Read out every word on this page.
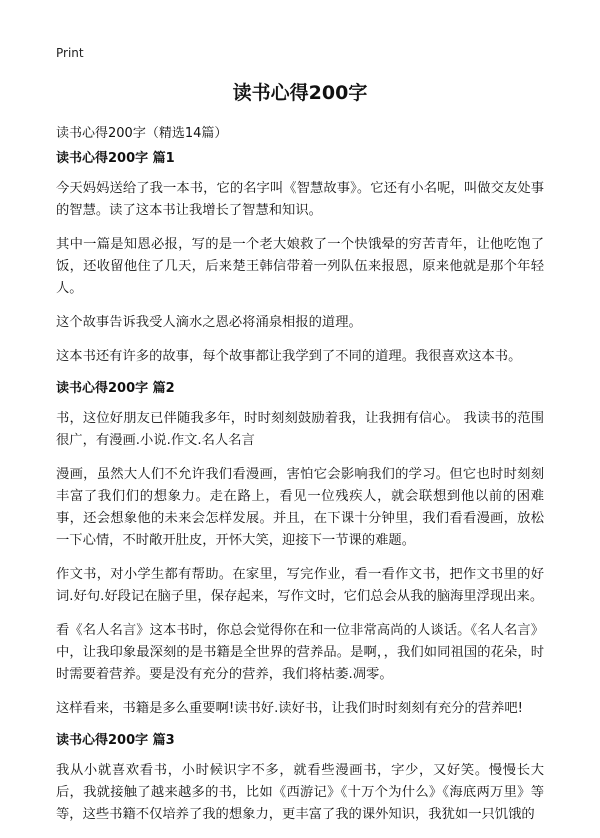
Print
读书心得200字
读书心得200字（精选14篇）
读书心得200字 篇1

今天妈妈送给了我一本书，它的名字叫《智慧故事》。它还有小名呢，叫做交友处事的智慧。读了这本书让我增长了智慧和知识。

其中一篇是知恩必报，写的是一个老大娘救了一个快饿晕的穷苦青年，让他吃饱了饭，还收留他住了几天，后来楚王韩信带着一列队伍来报恩，原来他就是那个年轻人。

这个故事告诉我受人滴水之恩必将涌泉相报的道理。

这本书还有许多的故事，每个故事都让我学到了不同的道理。我很喜欢这本书。

读书心得200字 篇2

书，这位好朋友已伴随我多年，时时刻刻鼓励着我，让我拥有信心。 我读书的范围很广，有漫画.小说.作文.名人名言

漫画，虽然大人们不允许我们看漫画，害怕它会影响我们的学习。但它也时时刻刻丰富了我们们的想象力。走在路上，看见一位残疾人，就会联想到他以前的困难事，还会想象他的未来会怎样发展。并且，在下课十分钟里，我们看看漫画，放松一下心情，不时敞开肚皮，开怀大笑，迎接下一节课的难题。

作文书，对小学生都有帮助。在家里，写完作业，看一看作文书，把作文书里的好词.好句.好段记在脑子里，保存起来，写作文时，它们总会从我的脑海里浮现出来。

看《名人名言》这本书时，你总会觉得你在和一位非常高尚的人谈话。《名人名言》中，让我印象最深刻的是书籍是全世界的营养品。是啊，，我们如同祖国的花朵，时时需要着营养。要是没有充分的营养，我们将枯萎.凋零。

这样看来，书籍是多么重要啊!读书好.读好书，让我们时时刻刻有充分的营养吧!

读书心得200字 篇3

我从小就喜欢看书，小时候识字不多，就看些漫画书，字少，又好笑。慢慢长大后，我就接触了越来越多的书，比如《西游记》《十万个为什么》《海底两万里》等等，这些书籍不仅培养了我的想象力，更丰富了我的课外知识，我犹如一只饥饿的
